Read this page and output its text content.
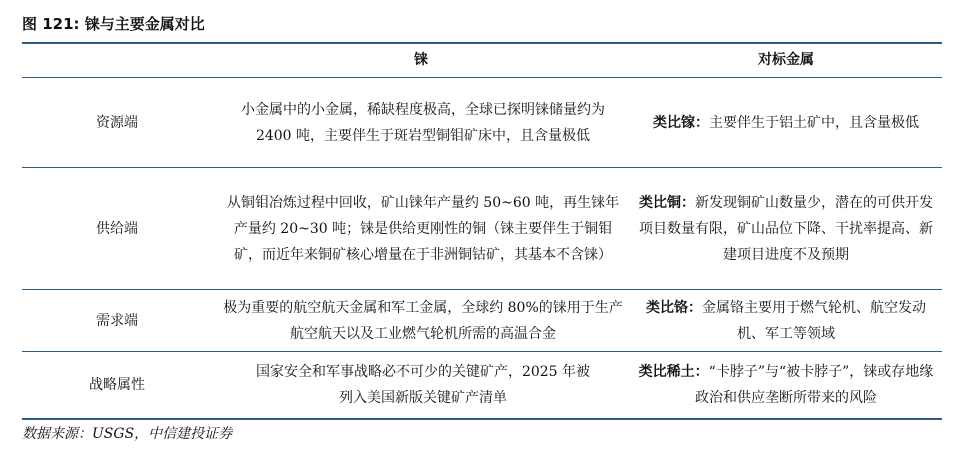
图 121: 铼与主要金属对比
铼	对标金属
资源端
小金属中的小金属，稀缺程度极高，全球已探明铼储量约为2400 吨，主要伴生于斑岩型铜钼矿床中，且含量极低
类比镓：主要伴生于铝土矿中，且含量极低
供给端
从铜钼冶炼过程中回收，矿山铼年产量约 50~60 吨，再生铼年产量约 20~30 吨；铼是供给更刚性的铜（铼主要伴生于铜钼矿，而近年来铜矿核心增量在于非洲铜钴矿，其基本不含铼）
类比铜：新发现铜矿山数量少，潜在的可供开发项目数量有限，矿山品位下降、干扰率提高、新建项目进度不及预期
需求端
极为重要的航空航天金属和军工金属，全球约 80%的铼用于生产航空航天以及工业燃气轮机所需的高温合金
类比铬：金属铬主要用于燃气轮机、航空发动机、军工等领域
战略属性
国家安全和军事战略必不可少的关键矿产，2025 年被列入美国新版关键矿产清单
类比稀土：“卡脖子”与“被卡脖子”，铼或存地缘政治和供应垄断所带来的风险
数据来源：USGS，中信建投证券
